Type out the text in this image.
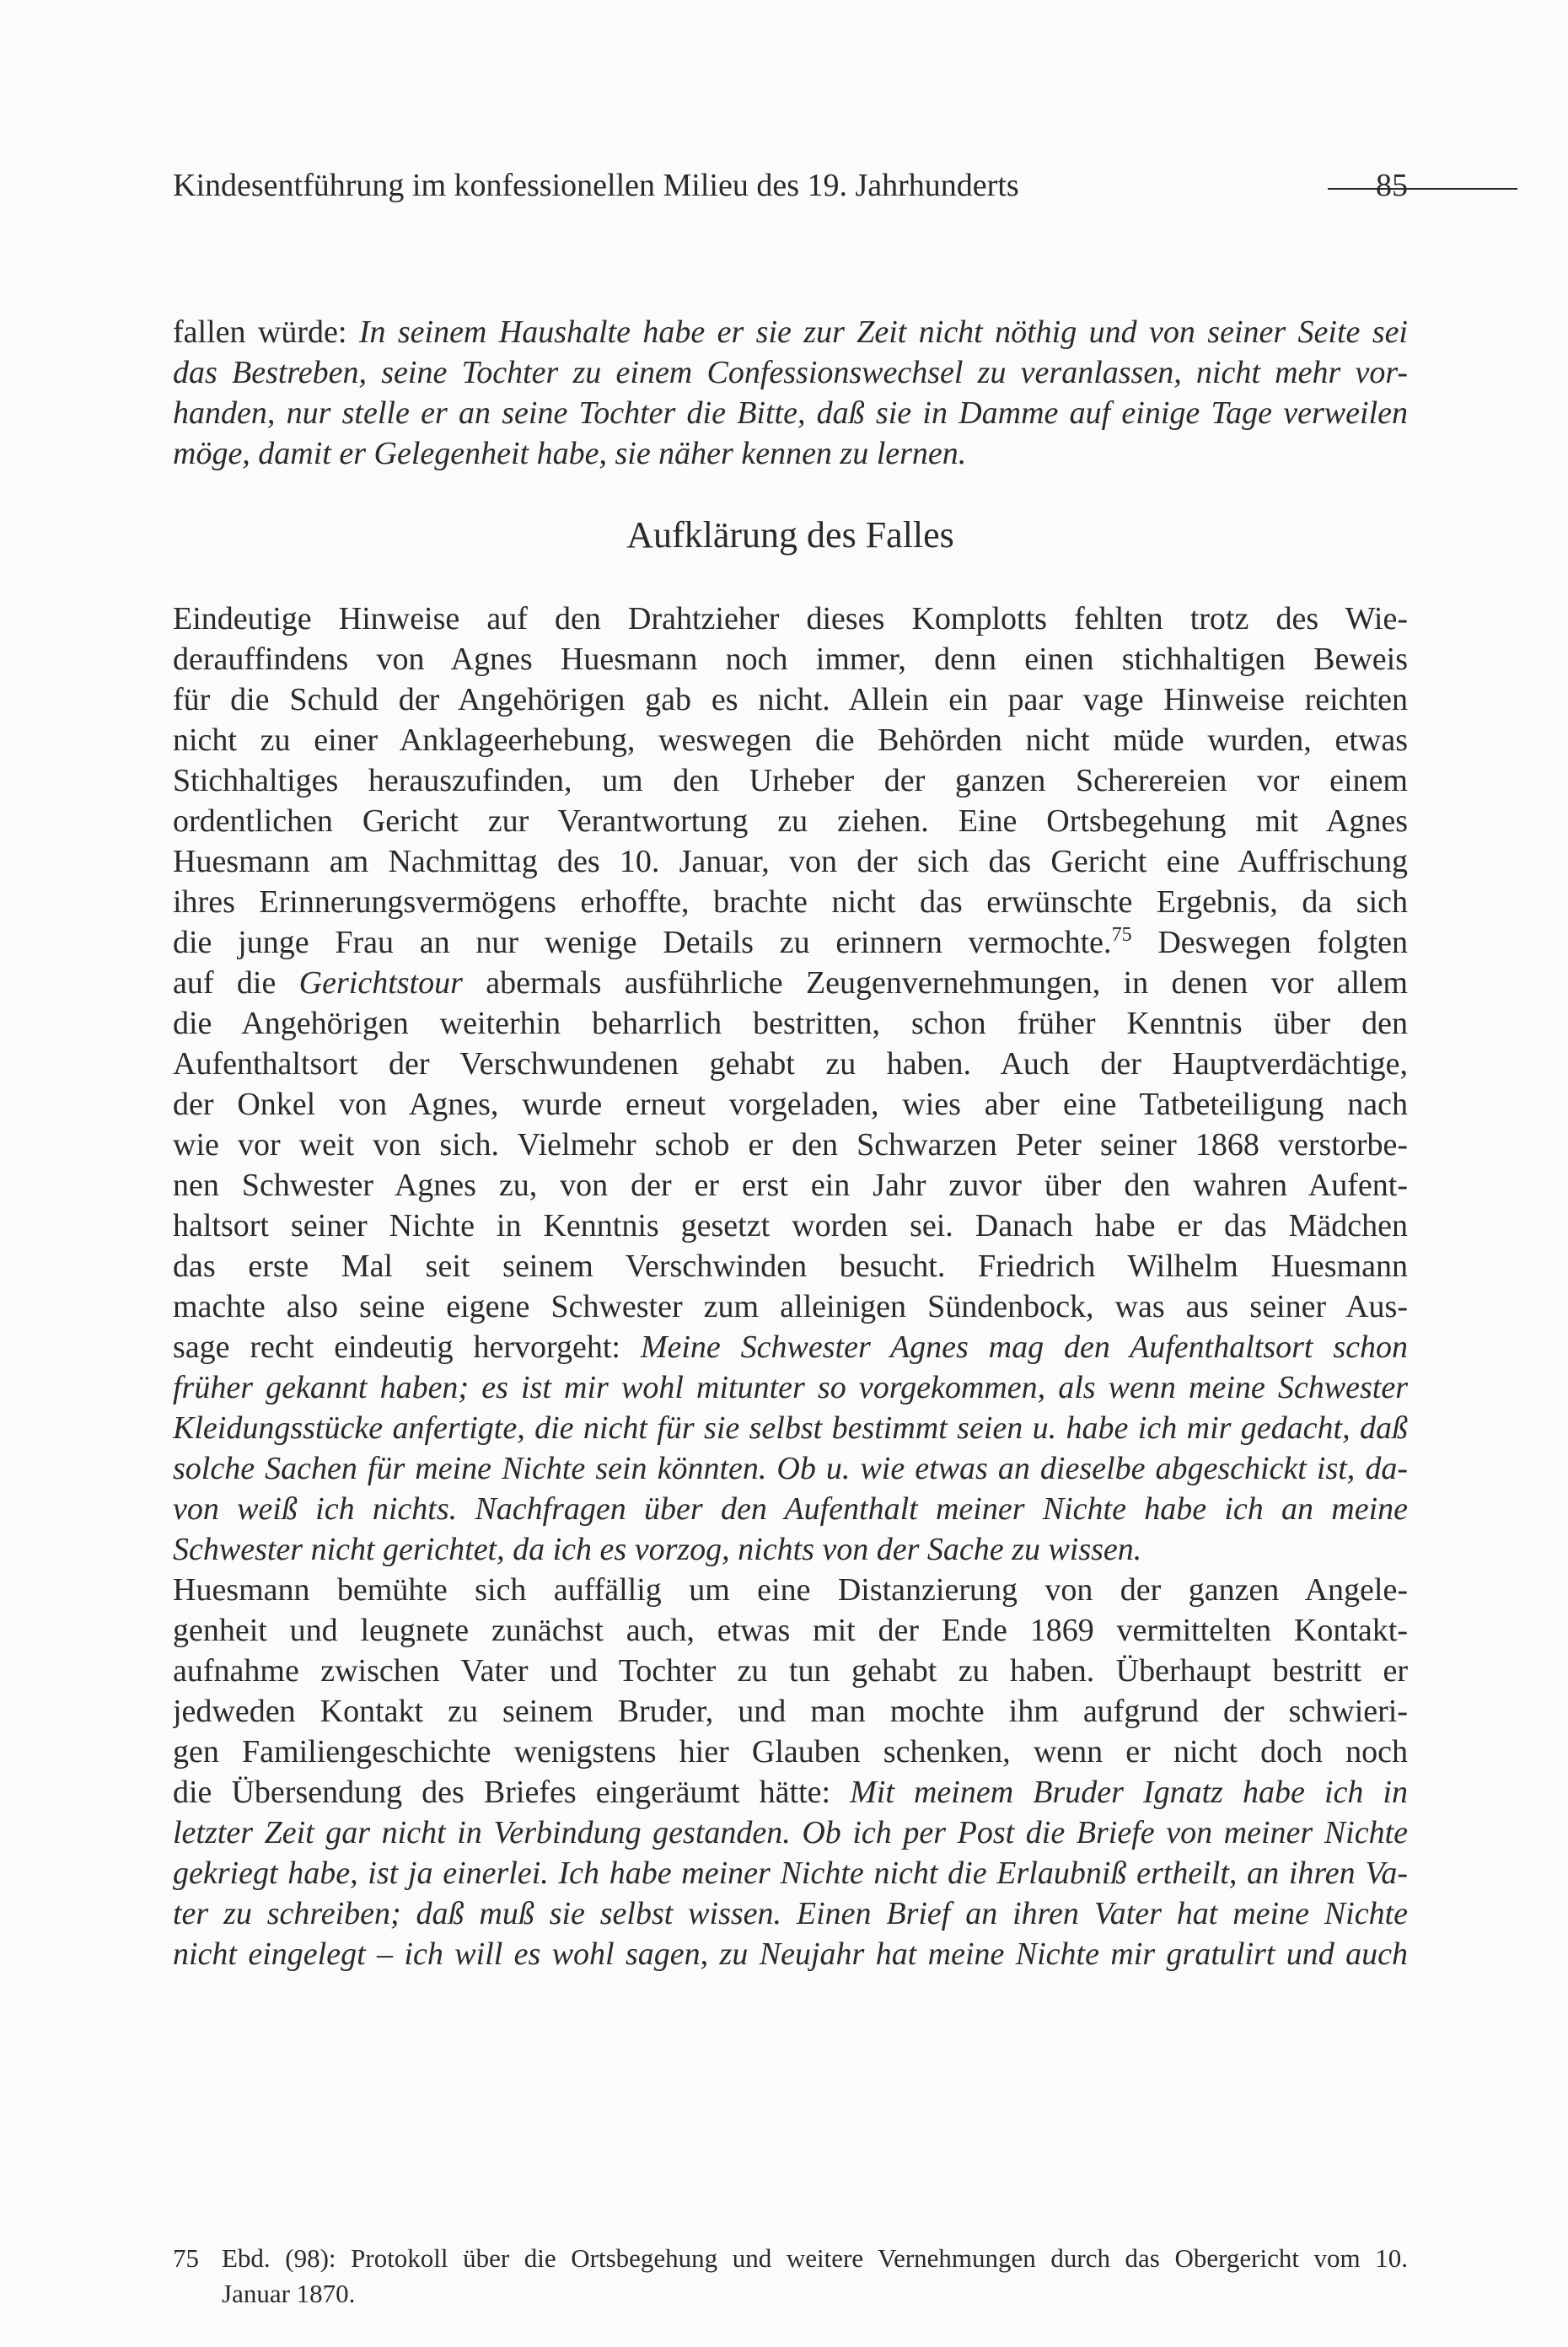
Kindesentführung im konfessionellen Milieu des 19. Jahrhunderts	85
fallen würde: In seinem Haushalte habe er sie zur Zeit nicht nöthig und von seiner Seite sei
das Bestreben, seine Tochter zu einem Confessionswechsel zu veranlassen, nicht mehr vor-
handen, nur stelle er an seine Tochter die Bitte, daß sie in Damme auf einige Tage verweilen
möge, damit er Gelegenheit habe, sie näher kennen zu lernen.
Aufklärung des Falles
Eindeutige Hinweise auf den Drahtzieher dieses Komplotts fehlten trotz des Wie-
derauffindens von Agnes Huesmann noch immer, denn einen stichhaltigen Beweis
für die Schuld der Angehörigen gab es nicht. Allein ein paar vage Hinweise reichten
nicht zu einer Anklageerhebung, weswegen die Behörden nicht müde wurden, etwas
Stichhaltiges herauszufinden, um den Urheber der ganzen Scherereien vor einem
ordentlichen Gericht zur Verantwortung zu ziehen. Eine Ortsbegehung mit Agnes
Huesmann am Nachmittag des 10. Januar, von der sich das Gericht eine Auffrischung
ihres Erinnerungsvermögens erhoffte, brachte nicht das erwünschte Ergebnis, da sich
die junge Frau an nur wenige Details zu erinnern vermochte.$^{75}$ Deswegen folgten
auf die Gerichtstour abermals ausführliche Zeugenvernehmungen, in denen vor allem
die Angehörigen weiterhin beharrlich bestritten, schon früher Kenntnis über den
Aufenthaltsort der Verschwundenen gehabt zu haben. Auch der Hauptverdächtige,
der Onkel von Agnes, wurde erneut vorgeladen, wies aber eine Tatbeteiligung nach
wie vor weit von sich. Vielmehr schob er den Schwarzen Peter seiner 1868 verstorbe-
nen Schwester Agnes zu, von der er erst ein Jahr zuvor über den wahren Aufent-
haltsort seiner Nichte in Kenntnis gesetzt worden sei. Danach habe er das Mädchen
das erste Mal seit seinem Verschwinden besucht. Friedrich Wilhelm Huesmann
machte also seine eigene Schwester zum alleinigen Sündenbock, was aus seiner Aus-
sage recht eindeutig hervorgeht: Meine Schwester Agnes mag den Aufenthaltsort schon
früher gekannt haben; es ist mir wohl mitunter so vorgekommen, als wenn meine Schwester
Kleidungsstücke anfertigte, die nicht für sie selbst bestimmt seien u. habe ich mir gedacht, daß
solche Sachen für meine Nichte sein könnten. Ob u. wie etwas an dieselbe abgeschickt ist, da-
von weiß ich nichts. Nachfragen über den Aufenthalt meiner Nichte habe ich an meine
Schwester nicht gerichtet, da ich es vorzog, nichts von der Sache zu wissen.
Huesmann bemühte sich auffällig um eine Distanzierung von der ganzen Angele-
genheit und leugnete zunächst auch, etwas mit der Ende 1869 vermittelten Kontakt-
aufnahme zwischen Vater und Tochter zu tun gehabt zu haben. Überhaupt bestritt er
jedweden Kontakt zu seinem Bruder, und man mochte ihm aufgrund der schwieri-
gen Familiengeschichte wenigstens hier Glauben schenken, wenn er nicht doch noch
die Übersendung des Briefes eingeräumt hätte: Mit meinem Bruder Ignatz habe ich in
letzter Zeit gar nicht in Verbindung gestanden. Ob ich per Post die Briefe von meiner Nichte
gekriegt habe, ist ja einerlei. Ich habe meiner Nichte nicht die Erlaubniß ertheilt, an ihren Va-
ter zu schreiben; daß muß sie selbst wissen. Einen Brief an ihren Vater hat meine Nichte
nicht eingelegt – ich will es wohl sagen, zu Neujahr hat meine Nichte mir gratulirt und auch
75 Ebd. (98): Protokoll über die Ortsbegehung und weitere Vernehmungen durch das Obergericht vom 10.
Januar 1870.
